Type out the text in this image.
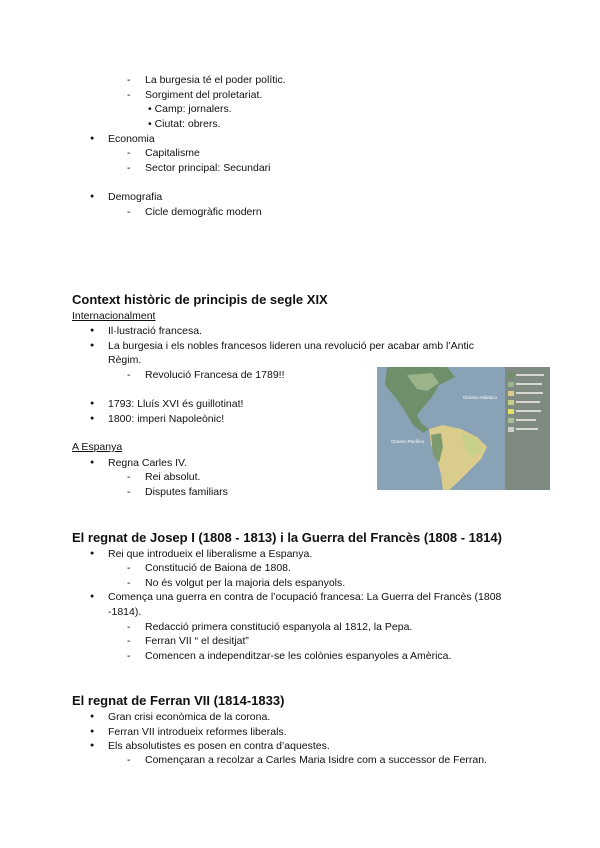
- La burgesia té el poder polític.
- Sorgiment del proletariat.
• Camp: jornalers.
• Ciutat: obrers.
● Economia
- Capitalisme
- Sector principal: Secundari
● Demografia
- Cicle demogràfic modern
Context històric de principis de segle XIX
Internacionalment
● Il·lustració francesa.
● La burgesia i els nobles francesos lideren una revolució per acabar amb l’Antic
Règim.
- Revolució Francesa de 1789!!
● 1793: Lluís XVI és guillotinat!
● 1800: imperi Napoleònic!
A Espanya
● Regna Carles IV.
- Rei absolut.
- Disputes familiars
Océano Atlántico
Océano Pacífico
El regnat de Josep I (1808 - 1813) i la Guerra del Francès (1808 - 1814)
● Rei que introdueix el liberalisme a Espanya.
- Constitució de Baiona de 1808.
- No és volgut per la majoria dels espanyols.
● Comença una guerra en contra de l’ocupació francesa: La Guerra del Francès (1808
-1814).
- Redacció primera constitució espanyola al 1812, la Pepa.
- Ferran VII “ el desitjat”
- Comencen a independitzar-se les colònies espanyoles a Amèrica.
El regnat de Ferran VII (1814-1833)
● Gran crisi econòmica de la corona.
● Ferran VII introdueix reformes liberals.
● Els absolutistes es posen en contra d’aquestes.
- Començaran a recolzar a Carles Maria Isidre com a successor de Ferran.
